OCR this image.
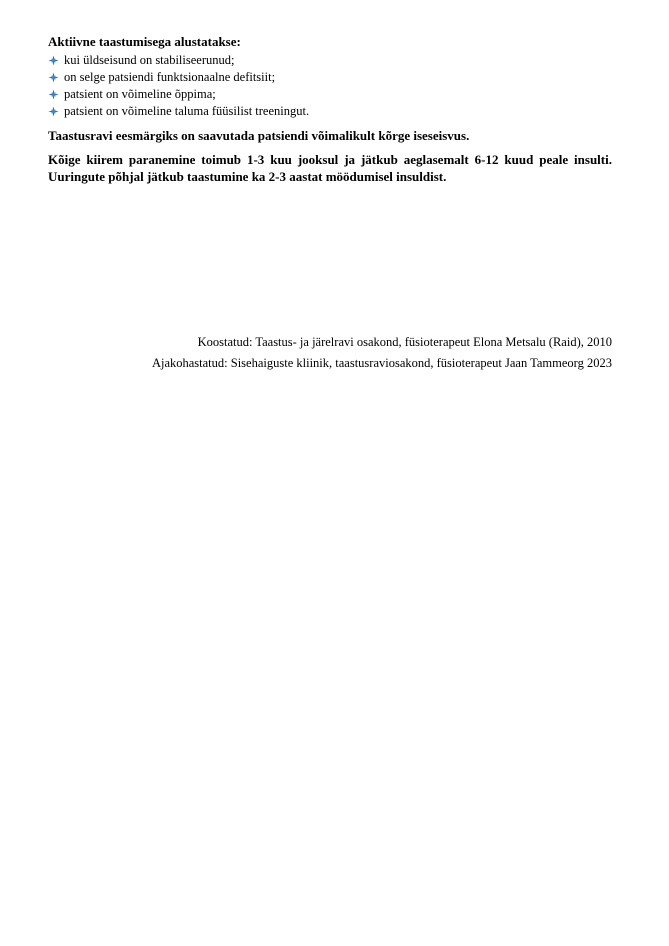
Aktiivne taastumisega alustatakse:

kui üldseisund on stabiliseerunud;
on selge patsiendi funktsionaalne defitsiit;
patsient on võimeline õppima;
patsient on võimeline taluma füüsilist treeningut.

Taastusravi eesmärgiks on saavutada patsiendi võimalikult kõrge iseseisvus.

Kõige kiirem paranemine toimub 1-3 kuu jooksul ja jätkub aeglasemalt 6-12 kuud peale insulti. Uuringute põhjal jätkub taastumine ka 2-3 aastat möödumisel insuldist.

Koostatud: Taastus- ja järelravi osakond, füsioterapeut Elona Metsalu (Raid), 2010
Ajakohastatud: Sisehaiguste kliinik, taastusraviosakond, füsioterapeut Jaan Tammeorg 2023
